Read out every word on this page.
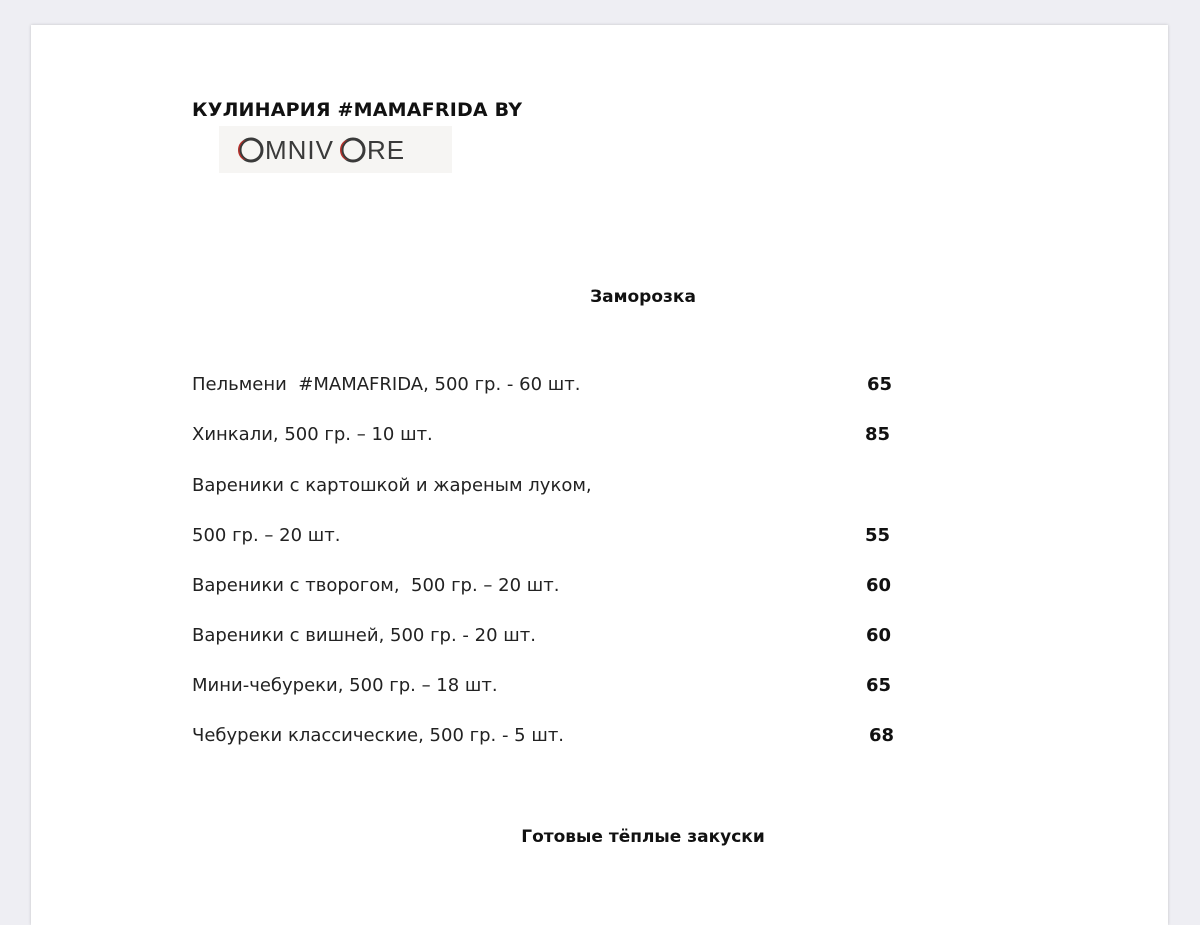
КУЛИНАРИЯ #MAMAFRIDA BY
MNIV RE
Заморозка
Пельмени  #MAMAFRIDA, 500 гр. - 60 шт.	65
Хинкали, 500 гр. – 10 шт.	85
Вареники с картошкой и жареным луком,
500 гр. – 20 шт.	55
Вареники с творогом,  500 гр. – 20 шт.	60
Вареники с вишней, 500 гр. - 20 шт.	60
Мини-чебуреки, 500 гр. – 18 шт.	65
Чебуреки классические, 500 гр. - 5 шт.	68
Готовые тёплые закуски
